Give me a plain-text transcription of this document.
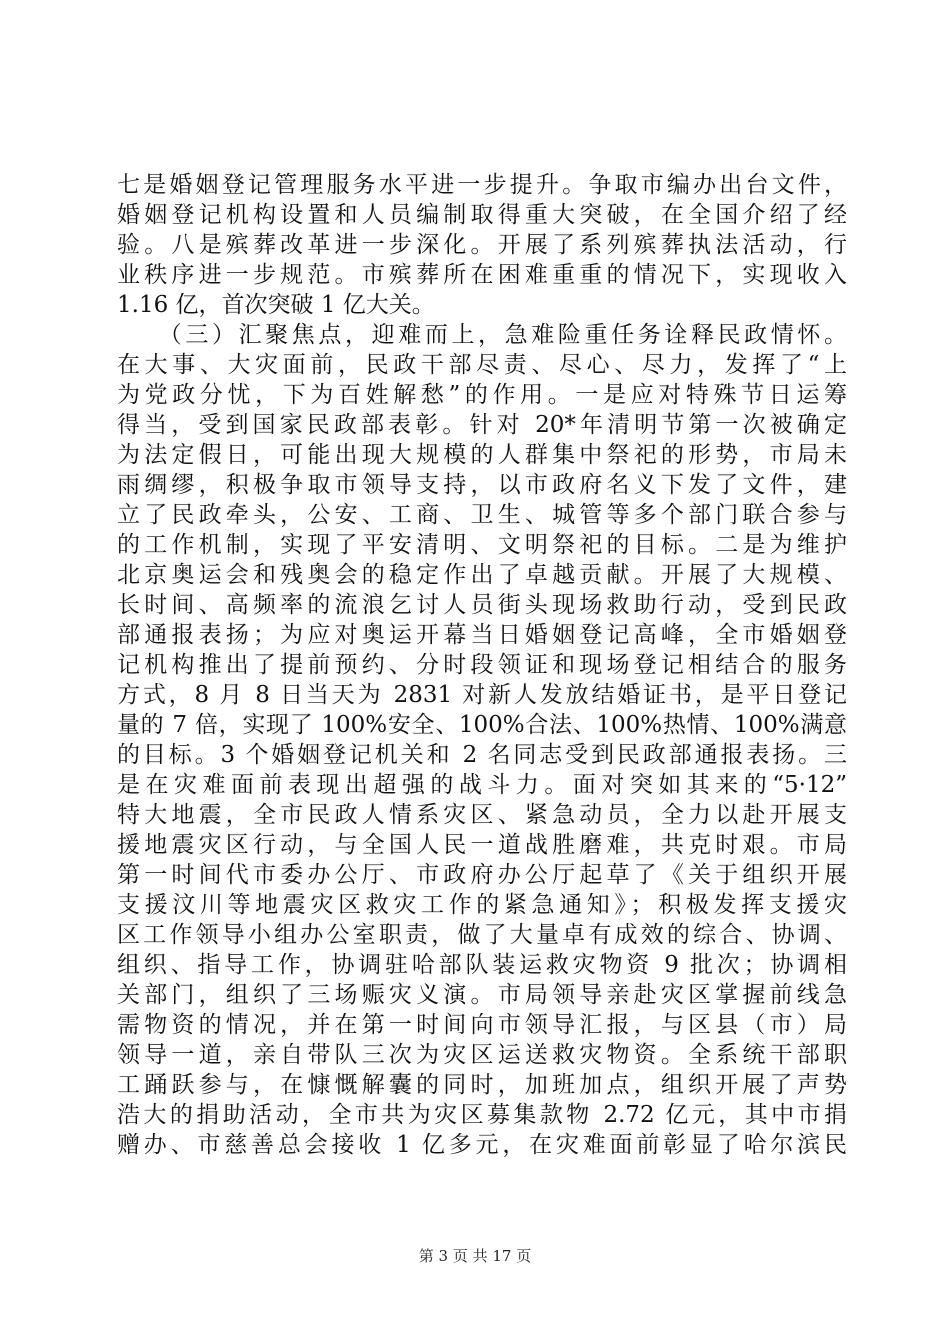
七是婚姻登记管理服务水平进一步提升。争取市编办出台文件，
婚姻登记机构设置和人员编制取得重大突破，在全国介绍了经
验。八是殡葬改革进一步深化。开展了系列殡葬执法活动，行
业秩序进一步规范。市殡葬所在困难重重的情况下，实现收入
1.16 亿，首次突破 1 亿大关。
　　（三）汇聚焦点，迎难而上，急难险重任务诠释民政情怀。
在大事、大灾面前，民政干部尽责、尽心、尽力，发挥了“上
为党政分忧，下为百姓解愁”的作用。一是应对特殊节日运筹
得当，受到国家民政部表彰。针对 20*年清明节第一次被确定
为法定假日，可能出现大规模的人群集中祭祀的形势，市局未
雨绸缪，积极争取市领导支持，以市政府名义下发了文件，建
立了民政牵头，公安、工商、卫生、城管等多个部门联合参与
的工作机制，实现了平安清明、文明祭祀的目标。二是为维护
北京奥运会和残奥会的稳定作出了卓越贡献。开展了大规模、
长时间、高频率的流浪乞讨人员街头现场救助行动，受到民政
部通报表扬；为应对奥运开幕当日婚姻登记高峰，全市婚姻登
记机构推出了提前预约、分时段领证和现场登记相结合的服务
方式，8 月 8 日当天为 2831 对新人发放结婚证书，是平日登记
量的 7 倍，实现了 100%安全、100%合法、100%热情、100%满意
的目标。3 个婚姻登记机关和 2 名同志受到民政部通报表扬。三
是在灾难面前表现出超强的战斗力。面对突如其来的“5·12”
特大地震，全市民政人情系灾区、紧急动员，全力以赴开展支
援地震灾区行动，与全国人民一道战胜磨难，共克时艰。市局
第一时间代市委办公厅、市政府办公厅起草了《关于组织开展
支援汶川等地震灾区救灾工作的紧急通知》；积极发挥支援灾
区工作领导小组办公室职责，做了大量卓有成效的综合、协调、
组织、指导工作，协调驻哈部队装运救灾物资 9 批次；协调相
关部门，组织了三场赈灾义演。市局领导亲赴灾区掌握前线急
需物资的情况，并在第一时间向市领导汇报，与区县（市）局
领导一道，亲自带队三次为灾区运送救灾物资。全系统干部职
工踊跃参与，在慷慨解囊的同时，加班加点，组织开展了声势
浩大的捐助活动，全市共为灾区募集款物 2.72 亿元，其中市捐
赠办、市慈善总会接收 1 亿多元，在灾难面前彰显了哈尔滨民
第 3 页 共 17 页
